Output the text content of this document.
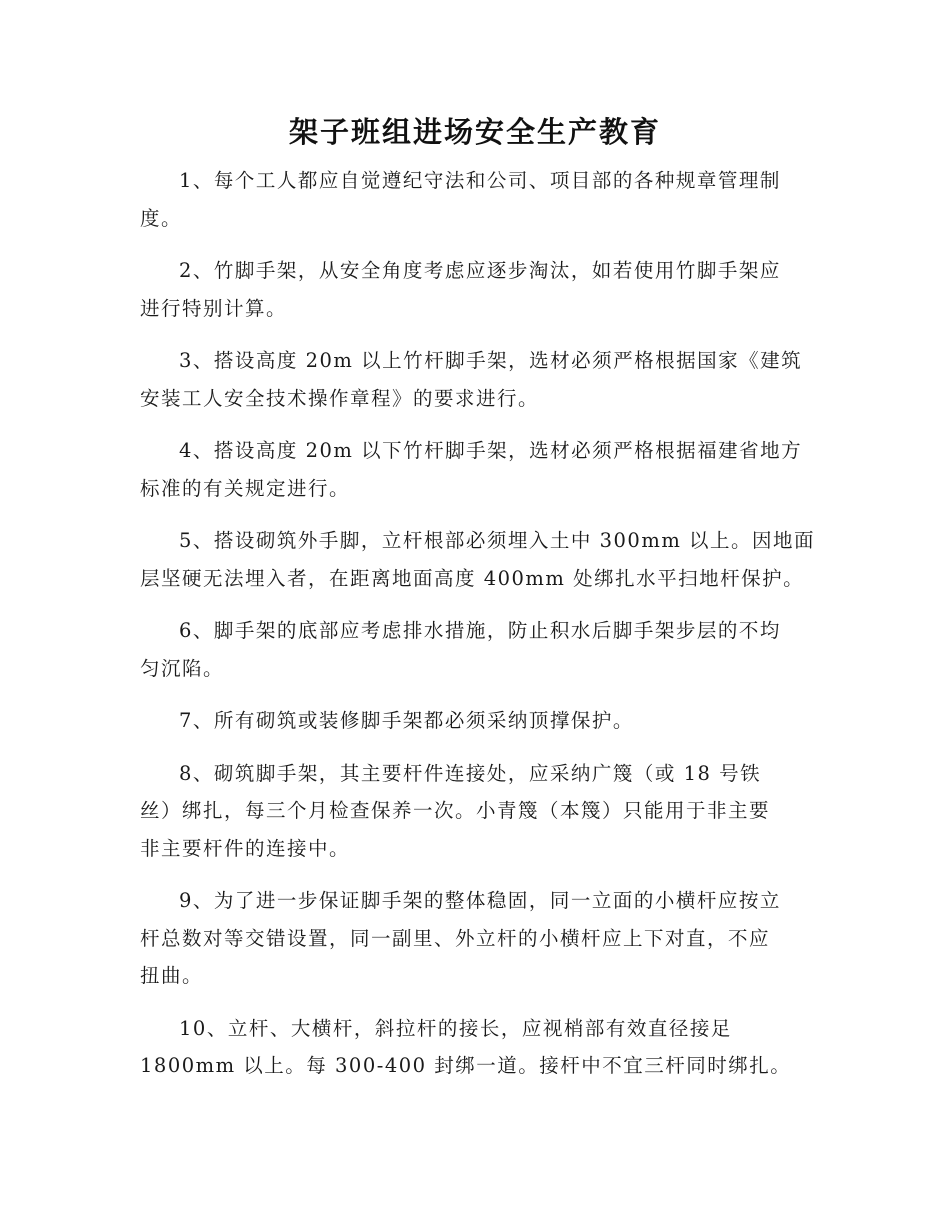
架子班组进场安全生产教育

1、每个工人都应自觉遵纪守法和公司、项目部的各种规章管理制
度。

2、竹脚手架，从安全角度考虑应逐步淘汰，如若使用竹脚手架应
进行特别计算。

3、搭设高度 20m 以上竹杆脚手架，选材必须严格根据国家《建筑
安装工人安全技术操作章程》的要求进行。

4、搭设高度 20m 以下竹杆脚手架，选材必须严格根据福建省地方
标准的有关规定进行。

5、搭设砌筑外手脚，立杆根部必须埋入土中 300mm 以上。因地面
层坚硬无法埋入者，在距离地面高度 400mm 处绑扎水平扫地杆保护。

6、脚手架的底部应考虑排水措施，防止积水后脚手架步层的不均
匀沉陷。

7、所有砌筑或装修脚手架都必须采纳顶撑保护。

8、砌筑脚手架，其主要杆件连接处，应采纳广篾（或 18 号铁
丝）绑扎，每三个月检查保养一次。小青篾（本篾）只能用于非主要
非主要杆件的连接中。

9、为了进一步保证脚手架的整体稳固，同一立面的小横杆应按立
杆总数对等交错设置，同一副里、外立杆的小横杆应上下对直，不应
扭曲。

10、立杆、大横杆，斜拉杆的接长，应视梢部有效直径接足
1800mm 以上。每 300-400 封绑一道。接杆中不宜三杆同时绑扎。
